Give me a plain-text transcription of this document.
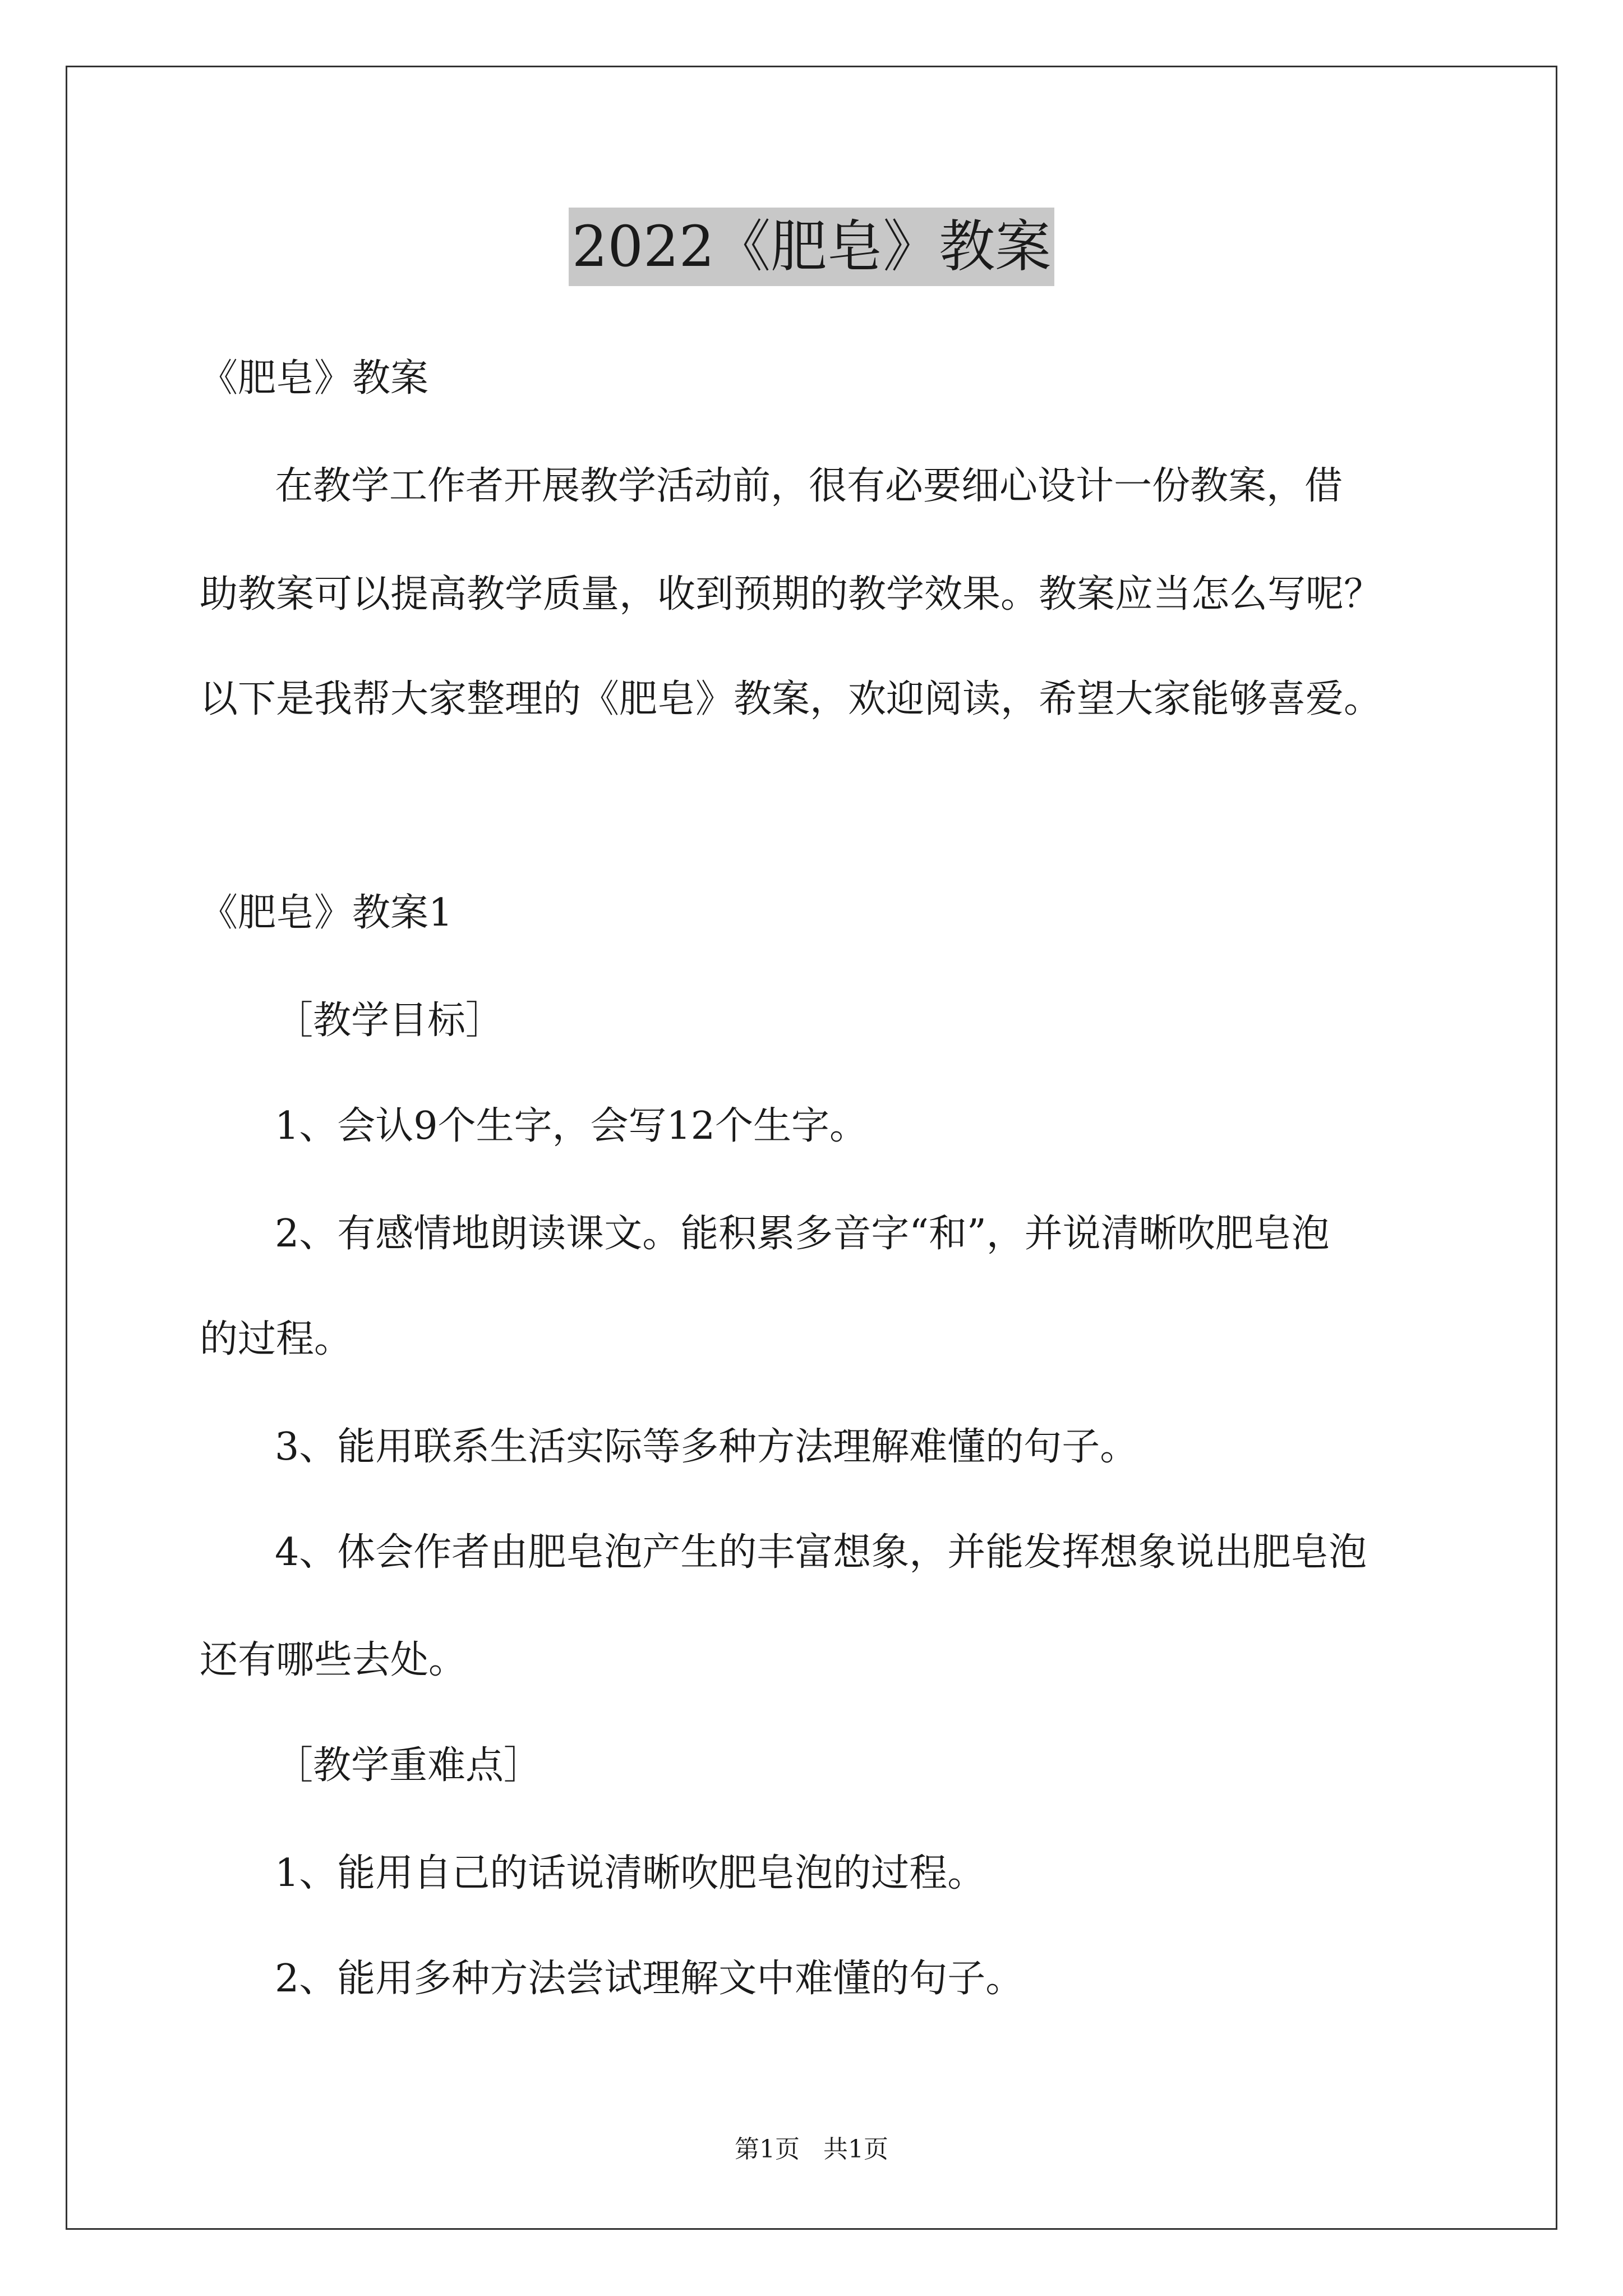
2022《肥皂》教案
《肥皂》教案
在教学工作者开展教学活动前，很有必要细心设计一份教案，借
助教案可以提高教学质量，收到预期的教学效果。教案应当怎么写呢？
以下是我帮大家整理的《肥皂》教案，欢迎阅读，希望大家能够喜爱。
《肥皂》教案1
［教学目标］
1、会认9个生字，会写12个生字。
2、有感情地朗读课文。能积累多音字“和”，并说清晰吹肥皂泡
的过程。
3、能用联系生活实际等多种方法理解难懂的句子。
4、体会作者由肥皂泡产生的丰富想象，并能发挥想象说出肥皂泡
还有哪些去处。
［教学重难点］
1、能用自己的话说清晰吹肥皂泡的过程。
2、能用多种方法尝试理解文中难懂的句子。
第1页   共1页
